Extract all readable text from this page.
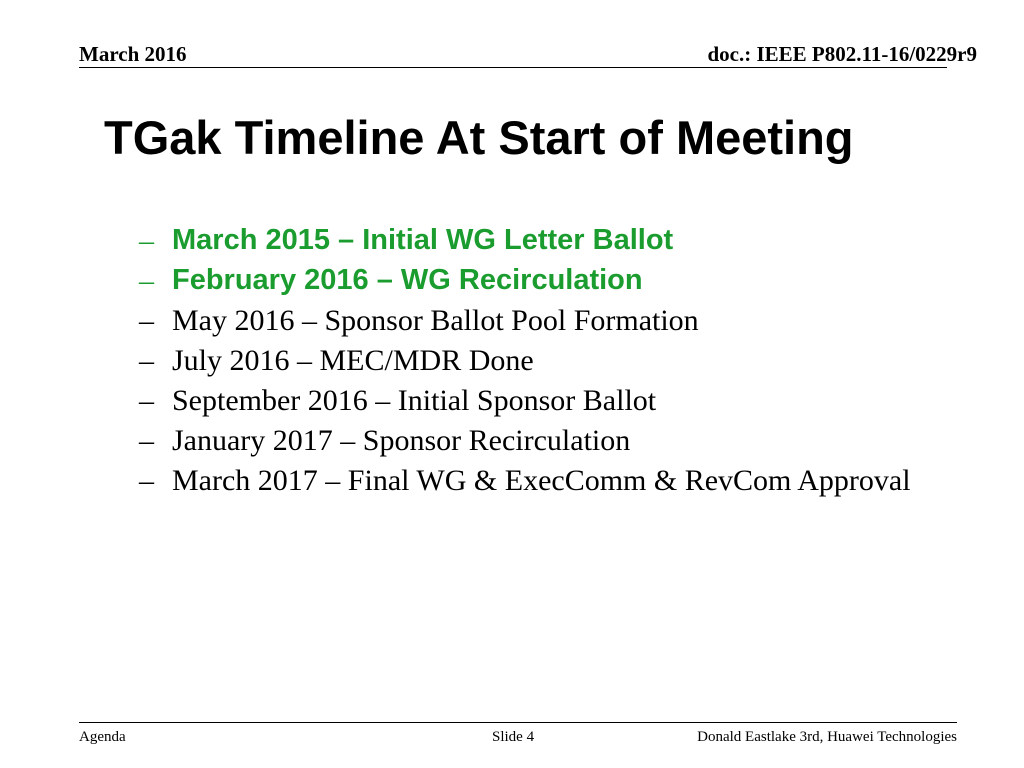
March 2016	doc.: IEEE P802.11-16/0229r9
TGak Timeline At Start of Meeting
– March 2015 – Initial WG Letter Ballot
– February 2016 – WG Recirculation
– May 2016 – Sponsor Ballot Pool Formation
– July 2016 – MEC/MDR Done
– September 2016 – Initial Sponsor Ballot
– January 2017 – Sponsor Recirculation
– March 2017 – Final WG & ExecComm & RevCom Approval
Agenda	Slide 4	Donald Eastlake 3rd, Huawei Technologies
